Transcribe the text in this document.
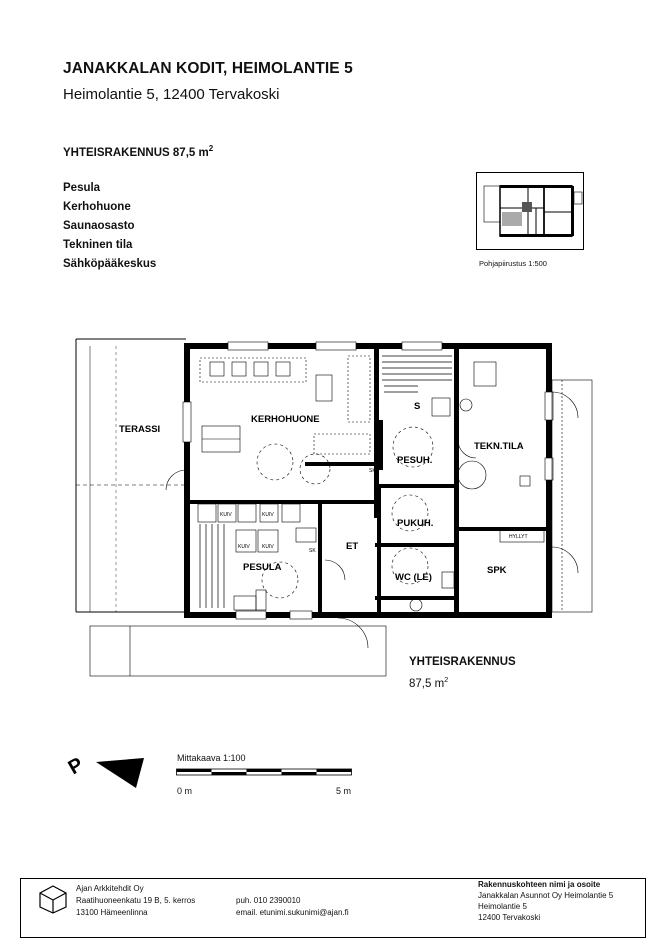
JANAKKALAN KODIT, HEIMOLANTIE 5
Heimolantie 5, 12400 Tervakoski
YHTEISRAKENNUS 87,5 $m^2$
Pesula
Kerhohuone
Saunaosasto
Tekninen tila
Sähköpääkeskus	Pohjapiirustus 1:500
TERASSI
KERHOHUONE
S
PESUH.
TEKN.TILA
PUKUH.
ET
PESULA
WC (LE)
SPK
KUIV	KUIV
KUIV KUIV
SK
SK
HYLLYT
YHTEISRAKENNUS
87,5 $m^2$
P	Mittakaava 1:100
0 m	5 m
Ajan Arkkitehdit Oy
Raatihuoneenkatu 19 B, 5. kerros
13100 Hämeenlinna
puh. 010 2390010
email. etunimi.sukunimi@ajan.fi
Rakennuskohteen nimi ja osoite
Janakkalan Asunnot Oy Heimolantie 5
Heimolantie 5
12400 Tervakoski
